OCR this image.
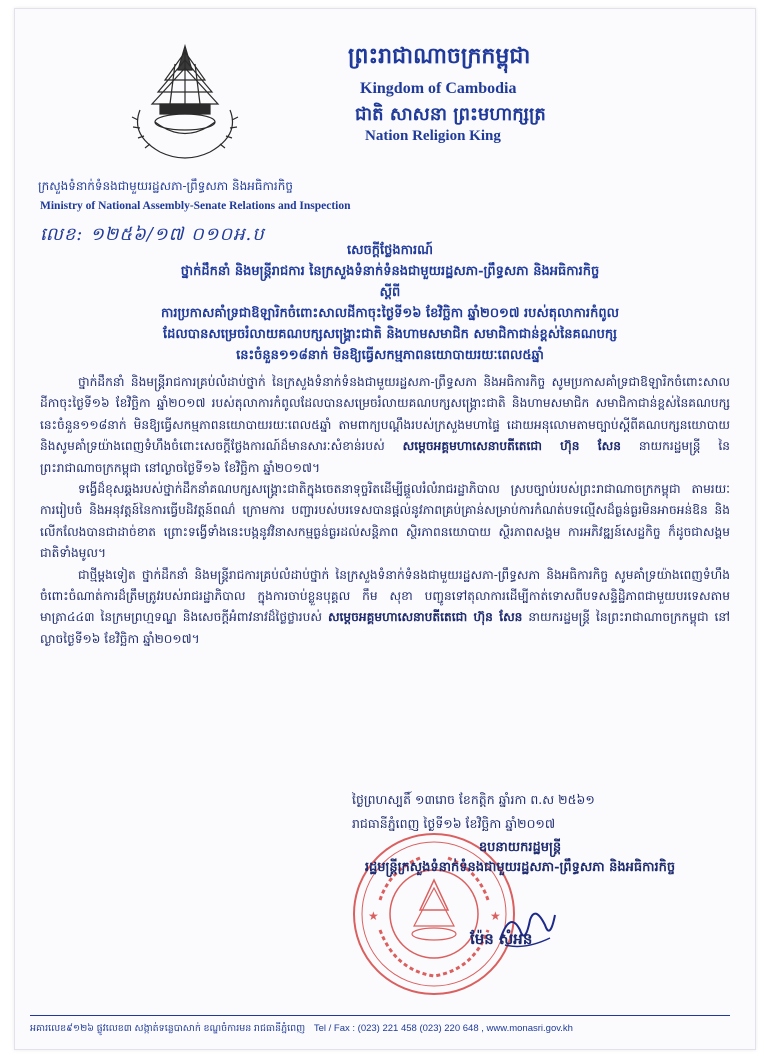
ព្រះរាជាណាចក្រកម្ពុជា
Kingdom of Cambodia
ជាតិ សាសនា ព្រះមហាក្សត្រ
Nation Religion King
ក្រសួងទំនាក់ទំនងជាមួយរដ្ឋសភា-ព្រឹទ្ធសភា និងអធិការកិច្ច
Ministry of National Assembly-Senate Relations and Inspection
លេខ: ១២៥៦/១៧ ០១០អ.ប
សេចក្តីថ្លែងការណ៍
ថ្នាក់ដឹកនាំ និងមន្ត្រីរាជការ នៃក្រសួងទំនាក់ទំនងជាមួយរដ្ឋសភា-ព្រឹទ្ធសភា និងអធិការកិច្ច
ស្តីពី
ការប្រកាសគាំទ្រជាឱឡារិកចំពោះសាលដីកាចុះថ្ងៃទី១៦ ខែវិច្ឆិកា ឆ្នាំ២០១៧ របស់តុលាការកំពូល
ដែលបានសម្រេចរំលាយគណបក្សសង្គ្រោះជាតិ និងហាមសមាជិក សមាជិកាជាន់ខ្ពស់នៃគណបក្ស
នេះចំនួន១១៨នាក់ មិនឱ្យធ្វើសកម្មភាពនយោបាយរយៈពេល៥ឆ្នាំ

ថ្នាក់ដឹកនាំ និងមន្ត្រីរាជការគ្រប់លំដាប់ថ្នាក់ នៃក្រសួងទំនាក់ទំនងជាមួយរដ្ឋសភា-ព្រឹទ្ធសភា និងអធិការកិច្ច សូមប្រកាសគាំទ្រជាឱឡារិកចំពោះសាលដីកាចុះថ្ងៃទី១៦ ខែវិច្ឆិកា ឆ្នាំ២០១៧ របស់តុលាការកំពូលដែលបានសម្រេចរំលាយគណបក្សសង្គ្រោះជាតិ និងហាមសមាជិក សមាជិកាជាន់ខ្ពស់នៃគណបក្សនេះចំនួន១១៨នាក់ មិនឱ្យធ្វើសកម្មភាពនយោបាយរយៈពេល៥ឆ្នាំ តាមពាក្យបណ្តឹងរបស់ក្រសួងមហាផ្ទៃ ដោយអនុលោមតាមច្បាប់ស្តីពីគណបក្សនយោបាយ និងសូមគាំទ្រយ៉ាងពេញទំហឹងចំពោះសេចក្តីថ្លែងការណ៍ដ៏មានសារៈសំខាន់របស់ សម្តេចអគ្គមហាសេនាបតីតេជោ ហ៊ុន សែន នាយករដ្ឋមន្ត្រី នៃព្រះរាជាណាចក្រកម្ពុជា នៅល្ងាចថ្ងៃទី១៦ ខែវិច្ឆិកា ឆ្នាំ២០១៧។

ទង្វើដ៏ខុសឆ្គងរបស់ថ្នាក់ដឹកនាំគណបក្សសង្គ្រោះជាតិក្នុងចេតនាទុច្ចរិតដើម្បីផ្តួលរំលំរាជរដ្ឋាភិបាល ស្របច្បាប់របស់ព្រះរាជាណាចក្រកម្ពុជា តាមរយៈការរៀបចំ និងអនុវត្តន៍នៃការធ្វើបដិវត្តន៍ពណ៌ ក្រោមការ បញ្ជារបស់បរទេសបានផ្តល់នូវភាពគ្រប់គ្រាន់សម្រាប់ការកំណត់បទល្មើសដ៏ធ្ងន់ធ្ងរមិនអាចអន់ឱន និងលើកលែងបានជាដាច់ខាត ព្រោះទង្វើទាំងនេះបង្កនូវវិនាសកម្មធ្ងន់ធ្ងរដល់សន្តិភាព ស្ថិរភាពនយោបាយ ស្ថិរភាពសង្គម ការអភិវឌ្ឍន៍សេដ្ឋកិច្ច ក៏ដូចជាសង្គមជាតិទាំងមូល។

ជាថ្មីម្តងទៀត ថ្នាក់ដឹកនាំ និងមន្ត្រីរាជការគ្រប់លំដាប់ថ្នាក់ នៃក្រសួងទំនាក់ទំនងជាមួយរដ្ឋសភា-ព្រឹទ្ធសភា និងអធិការកិច្ច សូមគាំទ្រយ៉ាងពេញទំហឹងចំពោះចំណាត់ការដ៏ត្រឹមត្រូវរបស់រាជរដ្ឋាភិបាល ក្នុងការចាប់ខ្លួនបុគ្គល កឹម សុខា បញ្ជូនទៅតុលាការដើម្បីកាត់ទោសពីបទសន្ទិដ្ឋិភាពជាមួយបរទេសតាមមាត្រា៤៤៣ នៃក្រមព្រហ្មទណ្ឌ និងសេចក្តីអំពាវនាវដ៏ថ្លៃថ្លារបស់ សម្តេចអគ្គមហាសេនាបតីតេជោ ហ៊ុន សែន នាយករដ្ឋមន្ត្រី នៃព្រះរាជាណាចក្រកម្ពុជា នៅល្ងាចថ្ងៃទី១៦ ខែវិច្ឆិកា ឆ្នាំ២០១៧។

ថ្ងៃព្រហស្បតិ៍ ១៣រោច ខែកត្តិក ឆ្នាំរកា ព.ស ២៥៦១
រាជធានីភ្នំពេញ ថ្ងៃទី១៦ ខែវិច្ឆិកា ឆ្នាំ២០១៧
★	★
ឧបនាយករដ្ឋមន្ត្រី
រដ្ឋមន្ត្រីក្រសួងទំនាក់ទំនងជាមួយរដ្ឋសភា-ព្រឹទ្ធសភា និងអធិការកិច្ច
ម៉ែន សំអន
អគារលេខ៩១២៦ ផ្លូវលេខ៣ សង្កាត់ទន្លេបាសាក់ ខណ្ឌចំការមន រាជធានីភ្នំពេញ Tel / Fax : (023) 221 458 (023) 220 648 , www.monasri.gov.kh
